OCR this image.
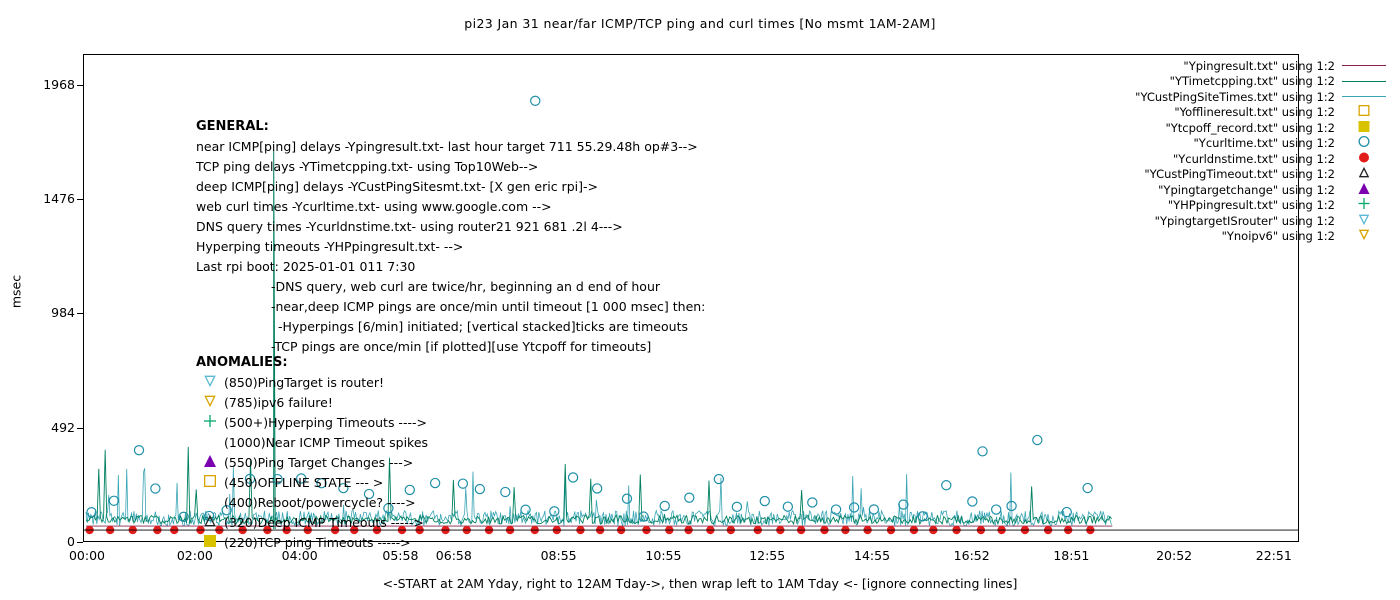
pi23 Jan 31 near/far ICMP/TCP ping and curl times [No msmt 1AM-2AM]
msec
0
492
984
1476
1968
00:00	02:00	04:00	05:58	06:58	08:55	10:55	12:55	14:55	16:52	18:51	20:52	22:51
GENERAL:
near ICMP[ping] delays -Ypingresult.txt- last hour target 711 55.29.48h op#3-->
TCP ping delays -YTimetcpping.txt- using Top10Web-->
deep ICMP[ping] delays -YCustPingSitesmt.txt- [X gen eric rpi]->
web curl times -Ycurltime.txt- using www.google.com -->
DNS query times -Ycurldnstime.txt- using router21 921 681 .2l 4--->
Hyperping timeouts -YHPpingresult.txt- -->
Last rpi boot: 2025-01-01 011 7:30
-DNS query, web curl are twice/hr, beginning an d end of hour
-near,deep ICMP pings are once/min until timeout [1 000 msec] then:
-Hyperpings [6/min] initiated; [vertical stacked]ticks are timeouts
-TCP pings are once/min [if plotted][use Ytcpoff for timeouts]
ANOMALIES:
(850)PingTarget is router!
(785)ipv6 failure!
(500+)Hyperping Timeouts ---->
(1000)Near ICMP Timeout spikes
(550)Ping Target Changes --->
(450)OFFLINE STATE --- >
(400)Reboot/powercycle? ---->
(320)Deep ICMP Timeouts ----->
(220)TCP ping Timeouts ----->
"Ypingresult.txt" using 1:2
"YTimetcpping.txt" using 1:2
"YCustPingSiteTimes.txt" using 1:2
"Yofflineresult.txt" using 1:2
"Ytcpoff_record.txt" using 1:2
"Ycurltime.txt" using 1:2
"Ycurldnstime.txt" using 1:2
"YCustPingTimeout.txt" using 1:2
"Ypingtargetchange" using 1:2
"YHPpingresult.txt" using 1:2
"YpingtargetISrouter" using 1:2
"Ynoipv6" using 1:2
<-START at 2AM Yday, right to 12AM Tday->, then wrap left to 1AM Tday <- [ignore connecting lines]
